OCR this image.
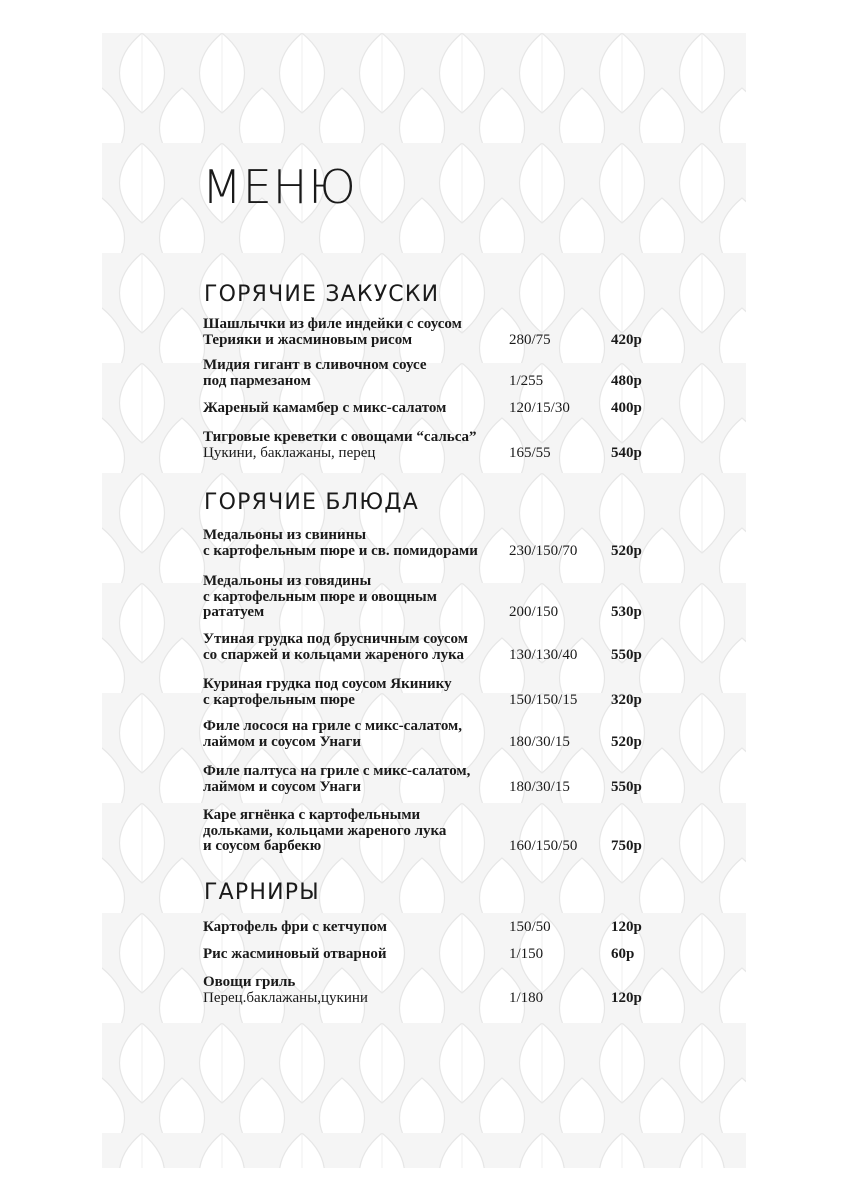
МЕНЮ
ГОРЯЧИЕ ЗАКУСКИ
Шашлычки из филе индейки с соусом
Терияки и жасминовым рисом	280/75	420р
Мидия гигант в сливочном соусе
под пармезаном	1/255	480р
Жареный камамбер с микс-салатом	120/15/30	400р
Тигровые креветки с овощами “сальса”
Цукини, баклажаны, перец	165/55	540р
ГОРЯЧИЕ БЛЮДА
Медальоны из свинины
с картофельным пюре и св. помидорами	230/150/70 520р
Медальоны из говядины
с картофельным пюре и овощным
рататуем	200/150	530р
Утиная грудка под брусничным соусом
со спаржей и кольцами жареного лука	130/130/40 550р
Куриная грудка под соусом Якинику
с картофельным пюре	150/150/15 320р
Филе лосося на гриле с микс-салатом,
лаймом и соусом Унаги	180/30/15	520р
Филе палтуса на гриле с микс-салатом,
лаймом и соусом Унаги	180/30/15	550р
Каре ягнёнка с картофельными
дольками, кольцами жареного лука
и соусом барбекю	160/150/50 750р
ГАРНИРЫ
Картофель фри с кетчупом	150/50	120р
Рис жасминовый отварной	1/150	60р
Овощи гриль
Перец.баклажаны,цукини	1/180	120р
